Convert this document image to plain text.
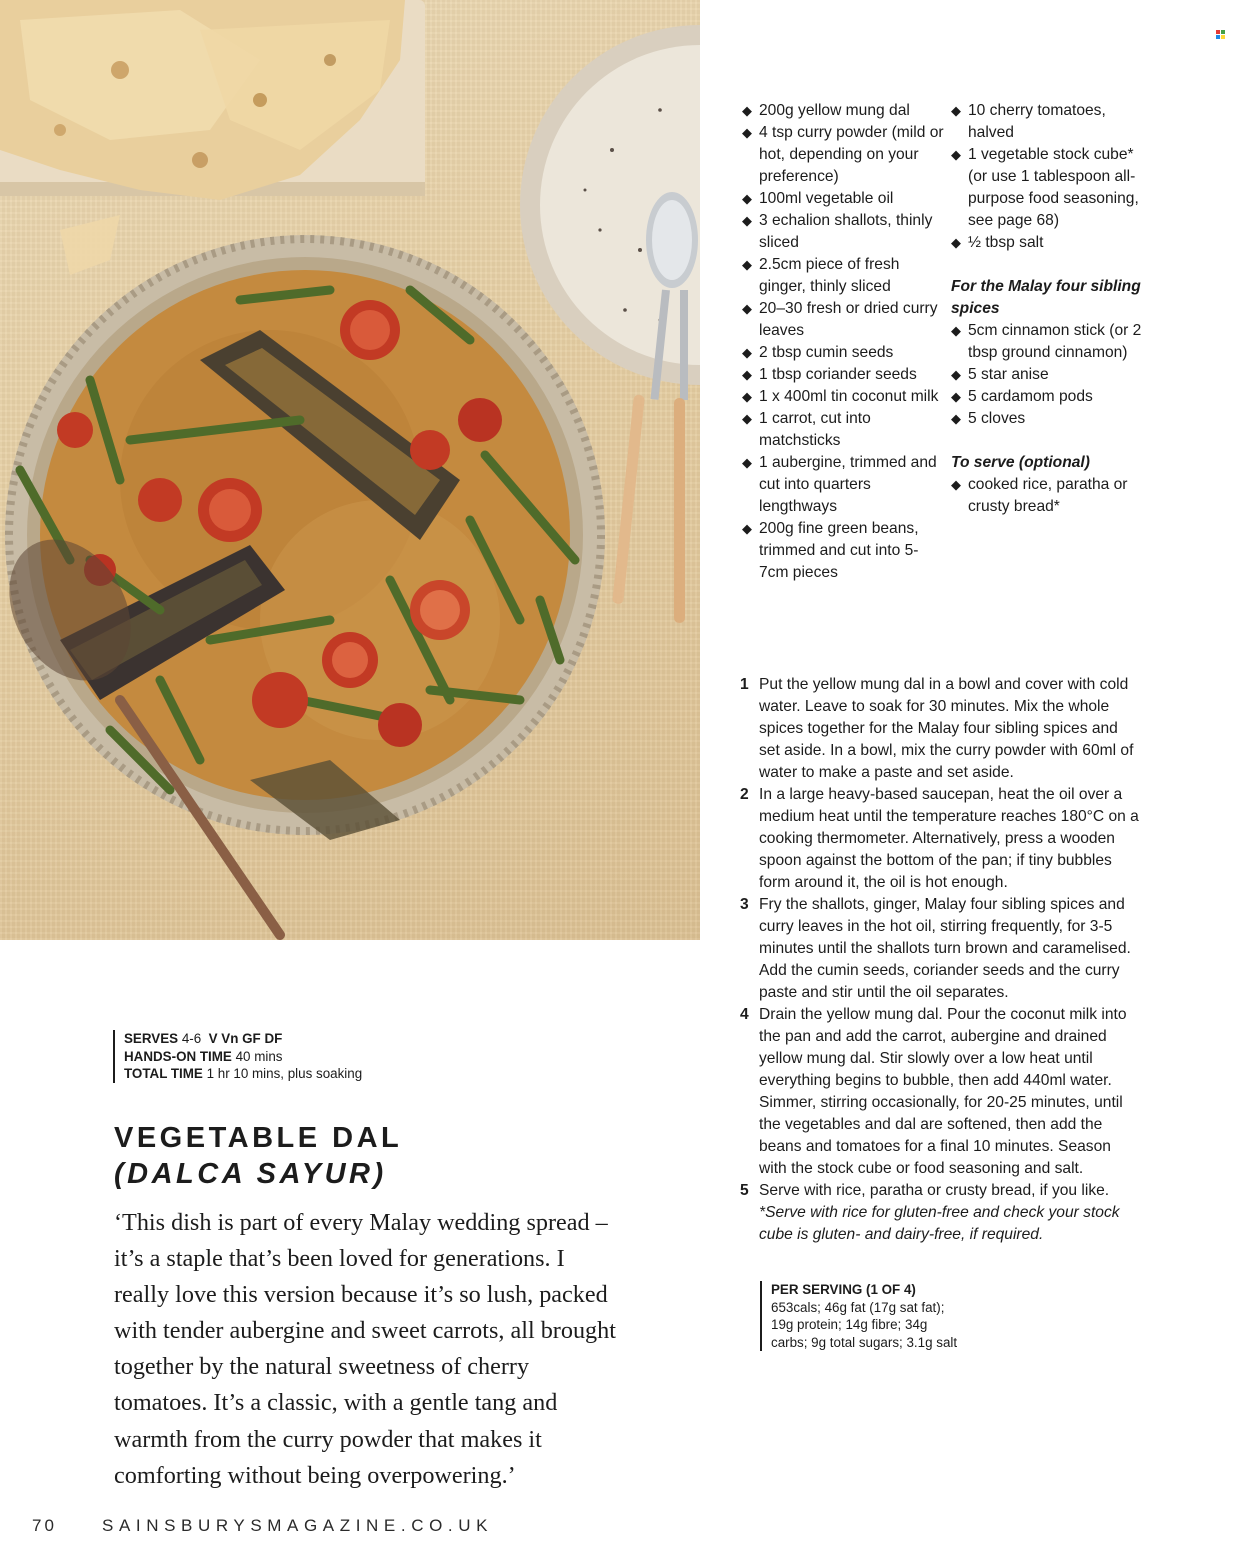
◆ 200g yellow mung dal
◆ 4 tsp curry powder (mild or hot, depending on your preference)
◆ 100ml vegetable oil
◆ 3 echalion shallots, thinly sliced
◆ 2.5cm piece of fresh ginger, thinly sliced
◆ 20–30 fresh or dried curry leaves
◆ 2 tbsp cumin seeds
◆ 1 tbsp coriander seeds
◆ 1 x 400ml tin coconut milk
◆ 1 carrot, cut into matchsticks
◆ 1 aubergine, trimmed and cut into quarters lengthways
◆ 200g fine green beans, trimmed and cut into 5-7cm pieces
◆ 10 cherry tomatoes, halved
◆ 1 vegetable stock cube* (or use 1 tablespoon all-purpose food seasoning, see page 68)
◆ ½ tbsp salt
For the Malay four sibling spices
◆ 5cm cinnamon stick (or 2 tbsp ground cinnamon)
◆ 5 star anise
◆ 5 cardamom pods
◆ 5 cloves
To serve (optional)
◆ cooked rice, paratha or crusty bread*
1 Put the yellow mung dal in a bowl and cover with cold water. Leave to soak for 30 minutes. Mix the whole spices together for the Malay four sibling spices and set aside. In a bowl, mix the curry powder with 60ml of water to make a paste and set aside.
2 In a large heavy-based saucepan, heat the oil over a medium heat until the temperature reaches 180°C on a cooking thermometer. Alternatively, press a wooden spoon against the bottom of the pan; if tiny bubbles form around it, the oil is hot enough.
3 Fry the shallots, ginger, Malay four sibling spices and curry leaves in the hot oil, stirring frequently, for 3-5 minutes until the shallots turn brown and caramelised. Add the cumin seeds, coriander seeds and the curry paste and stir until the oil separates.
4 Drain the yellow mung dal. Pour the coconut milk into the pan and add the carrot, aubergine and drained yellow mung dal. Stir slowly over a low heat until everything begins to bubble, then add 440ml water. Simmer, stirring occasionally, for 20-25 minutes, until the vegetables and dal are softened, then add the beans and tomatoes for a final 10 minutes. Season with the stock cube or food seasoning and salt.
5 Serve with rice, paratha or crusty bread, if you like.
*Serve with rice for gluten-free and check your stock cube is gluten- and dairy-free, if required.
PER SERVING (1 OF 4)
653cals; 46g fat (17g sat fat);
19g protein; 14g fibre; 34g
carbs; 9g total sugars; 3.1g salt
SERVES 4-6 V Vn GF DF
HANDS-ON TIME 40 mins
TOTAL TIME 1 hr 10 mins, plus soaking
VEGETABLE DAL
(DALCA SAYUR)
‘This dish is part of every Malay wedding spread – it’s a staple that’s been loved for generations. I really love this version because it’s so lush, packed with tender aubergine and sweet carrots, all brought together by the natural sweetness of cherry tomatoes. It’s a classic, with a gentle tang and warmth from the curry powder that makes it comforting without being overpowering.’
70	SAINSBURYSMAGAZINE.CO.UK
